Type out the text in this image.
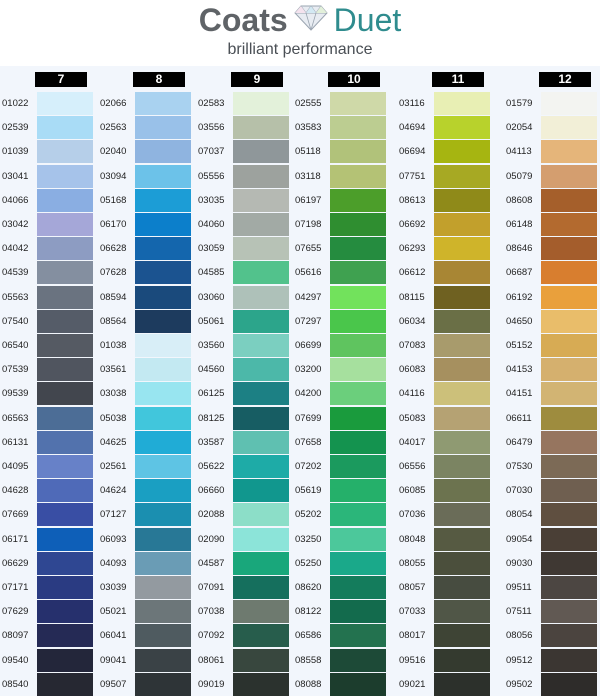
Coats Duet
brilliant performance
7
01022
02539
01039
03041
04066
03042
04042
04539
05563
07540
06540
07539
09539
06563
06131
04095
04628
07669
06171
06629
07171
07629
08097
09540
08540
8
02066
02563
02040
03094
05168
06170
06628
07628
08594
08564
01038
03561
03038
05038
04625
02561
04624
07127
06093
04093
03039
05021
06041
09041
09507
9
02583
03556
07037
05556
03035
04060
03059
04585
03060
05061
03560
04560
06125
08125
03587
05622
06660
02088
02090
04587
07091
07038
07092
08061
09019
10
02555
03583
05118
03118
06197
07198
07655
05616
04297
07297
06699
03200
04200
07699
07658
07202
05619
05202
03250
05250
08620
08122
06586
08558
08088
11
03116
04694
06694
07751
08613
06692
06293
06612
08115
06034
07083
06083
04116
05083
04017
06556
06085
07036
08048
08055
08057
07033
08017
09516
09021
12
01579
02054
04113
05079
08608
06148
08646
06687
06192
04650
05152
04153
04151
06611
06479
07530
07030
08054
09054
09030
09511
07511
08056
09512
09502
